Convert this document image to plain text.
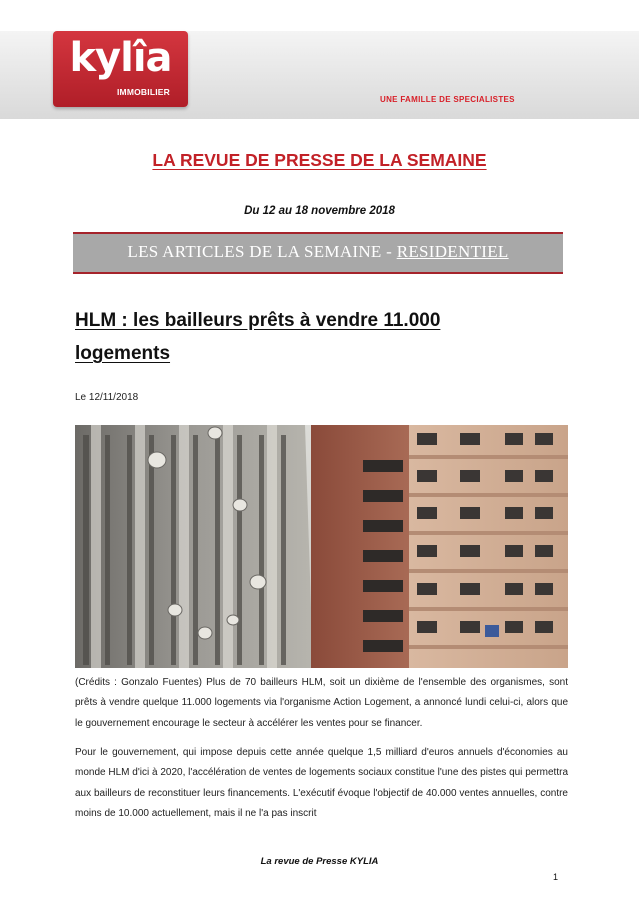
kylîa
IMMOBILIER
UNE FAMILLE DE SPECIALISTES
LA REVUE DE PRESSE DE LA SEMAINE
Du 12 au 18 novembre 2018
LES ARTICLES DE LA SEMAINE - RESIDENTIEL
HLM : les bailleurs prêts à vendre 11.000 logements
Le 12/11/2018
(Crédits : Gonzalo Fuentes) Plus de 70 bailleurs HLM, soit un dixième de l'ensemble des organismes, sont prêts à vendre quelque 11.000 logements via l'organisme Action Logement, a annoncé lundi celui-ci, alors que le gouvernement encourage le secteur à accélérer les ventes pour se financer.
Pour le gouvernement, qui impose depuis cette année quelque 1,5 milliard d'euros annuels d'économies au monde HLM d'ici à 2020, l'accélération de ventes de logements sociaux constitue l'une des pistes qui permettra aux bailleurs de reconstituer leurs financements. L'exécutif évoque l'objectif de 40.000 ventes annuelles, contre moins de 10.000 actuellement, mais il ne l'a pas inscrit
La revue de Presse KYLIA
1
